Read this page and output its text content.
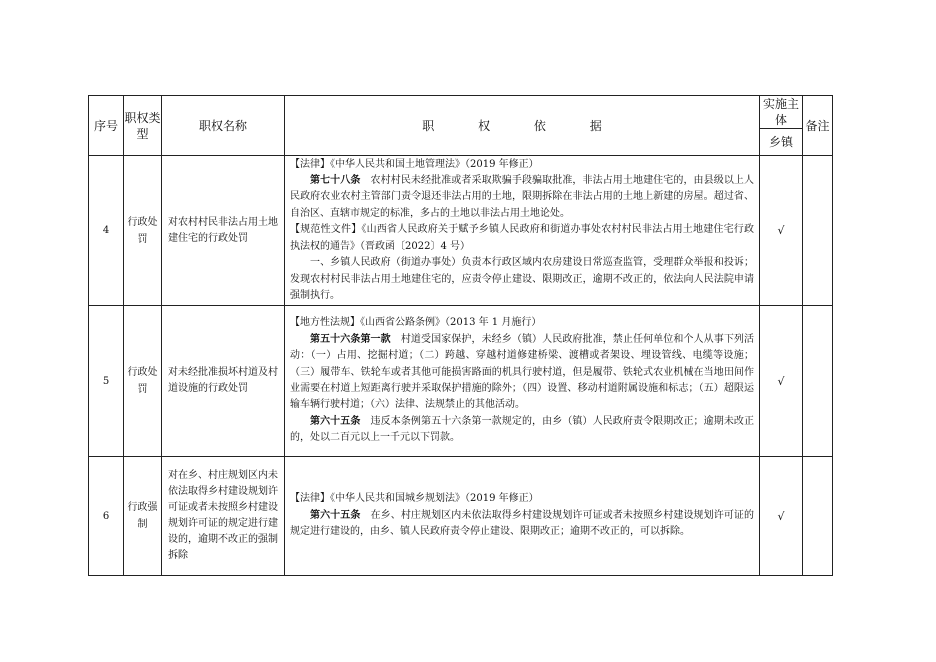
序号	职权类型	职权名称	职 权 依 据	实施主体	备注
				乡镇	
4	行政处罚	对农村村民非法占用土地建住宅的行政处罚	【法律】《中华人民共和国土地管理法》（2019 年修正）

第七十八条　农村村民未经批准或者采取欺骗手段骗取批准，非法占用土地建住宅的，由县级以上人民政府农业农村主管部门责令退还非法占用的土地，限期拆除在非法占用的土地上新建的房屋。超过省、自治区、直辖市规定的标准，多占的土地以非法占用土地论处。

【规范性文件】《山西省人民政府关于赋予乡镇人民政府和街道办事处农村村民非法占用土地建住宅行政执法权的通告》（晋政函〔2022〕4 号）

一、乡镇人民政府（街道办事处）负责本行政区域内农房建设日常巡查监管，受理群众举报和投诉；发现农村村民非法占用土地建住宅的，应责令停止建设、限期改正，逾期不改正的，依法向人民法院申请强制执行。	√	
5	行政处罚	对未经批准损坏村道及村道设施的行政处罚	【地方性法规】《山西省公路条例》（2013 年 1 月施行）

第五十六条第一款　村道受国家保护，未经乡（镇）人民政府批准，禁止任何单位和个人从事下列活动：（一）占用、挖掘村道；（二）跨越、穿越村道修建桥梁、渡槽或者架设、埋设管线、电缆等设施；（三）履带车、铁轮车或者其他可能损害路面的机具行驶村道，但是履带、铁轮式农业机械在当地田间作业需要在村道上短距离行驶并采取保护措施的除外；（四）设置、移动村道附属设施和标志；（五）超限运输车辆行驶村道；（六）法律、法规禁止的其他活动。

第六十五条　违反本条例第五十六条第一款规定的，由乡（镇）人民政府责令限期改正；逾期未改正的，处以二百元以上一千元以下罚款。	√	
6	行政强制	对在乡、村庄规划区内未依法取得乡村建设规划许可证或者未按照乡村建设规划许可证的规定进行建设的，逾期不改正的强制拆除	【法律】《中华人民共和国城乡规划法》（2019 年修正）

第六十五条　在乡、村庄规划区内未依法取得乡村建设规划许可证或者未按照乡村建设规划许可证的规定进行建设的，由乡、镇人民政府责令停止建设、限期改正；逾期不改正的，可以拆除。	√	
